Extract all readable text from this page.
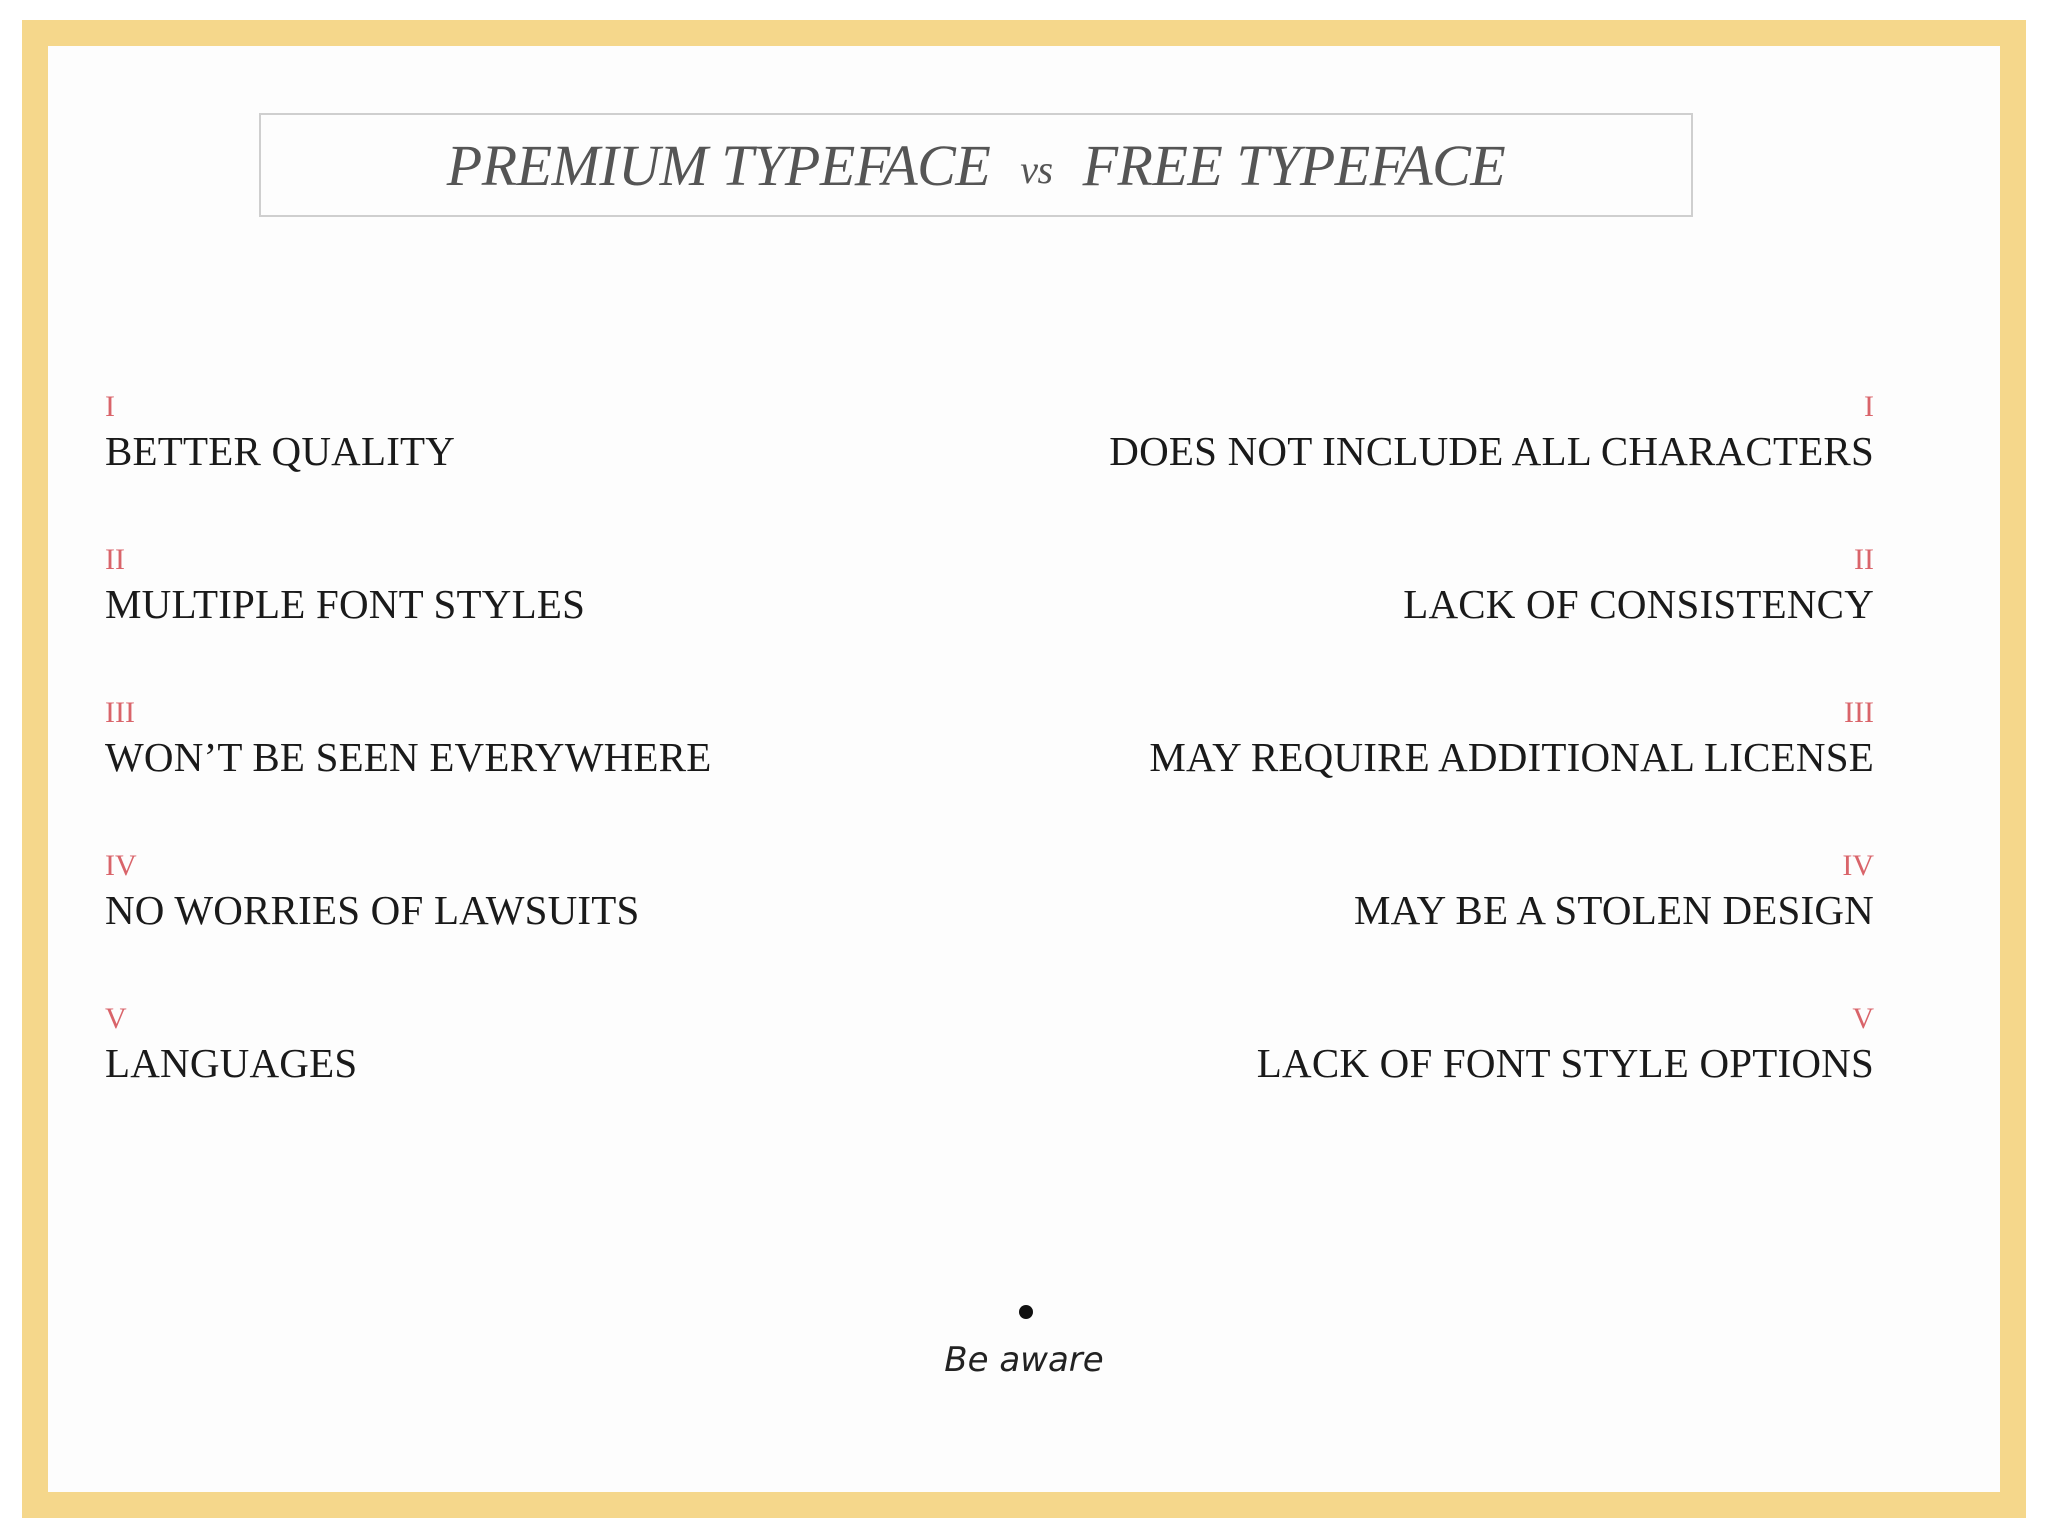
PREMIUM TYPEFACE vs FREE TYPEFACE
I
BETTER QUALITY
II
MULTIPLE FONT STYLES
III
WON’T BE SEEN EVERYWHERE
IV
NO WORRIES OF LAWSUITS
V
LANGUAGES
I
DOES NOT INCLUDE ALL CHARACTERS
II
LACK OF CONSISTENCY
III
MAY REQUIRE ADDITIONAL LICENSE
IV
MAY BE A STOLEN DESIGN
V
LACK OF FONT STYLE OPTIONS
Be aware
